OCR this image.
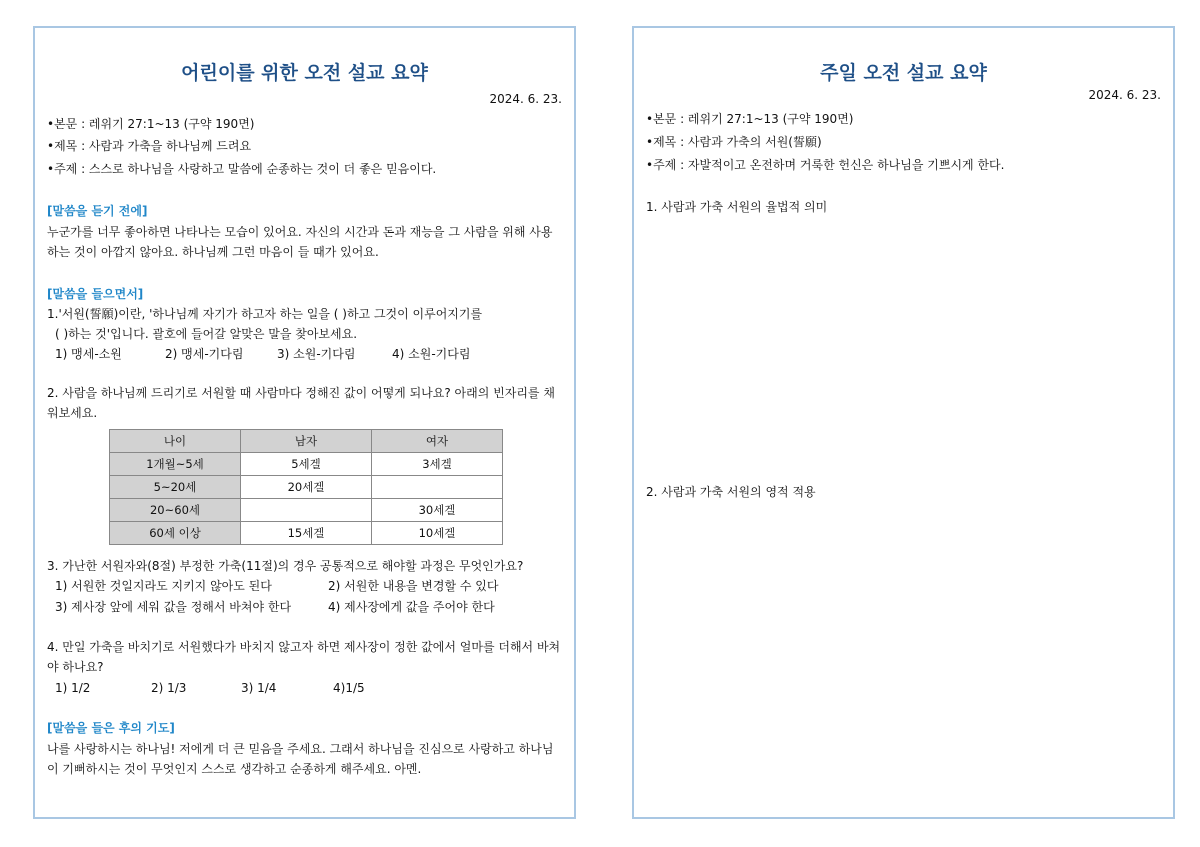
어린이를 위한 오전 설교 요약
2024. 6. 23.
•본문 : 레위기 27:1~13 (구약 190면)
•제목 : 사람과 가축을 하나님께 드려요
•주제 : 스스로 하나님을 사랑하고 말씀에 순종하는 것이 더 좋은 믿음이다.
[말씀을 듣기 전에]
누군가를 너무 좋아하면 나타나는 모습이 있어요. 자신의 시간과 돈과 재능을 그 사람을 위해 사용하는 것이 아깝지 않아요. 하나님께 그런 마음이 들 때가 있어요.
[말씀을 들으면서]
1.'서원(誓願)이란, '하나님께 자기가 하고자 하는 일을 ( )하고 그것이 이루어지기를
( )하는 것'입니다. 괄호에 들어갈 알맞은 말을 찾아보세요.
1) 맹세-소원	2) 맹세-기다림	3) 소원-기다림	4) 소원-기다림
2. 사람을 하나님께 드리기로 서원할 때 사람마다 정해진 값이 어떻게 되나요? 아래의 빈자리를 채워보세요.
나이	남자	여자
1개월~5세	5세겔	3세겔
5~20세	20세겔	
20~60세		30세겔
60세 이상	15세겔	10세겔
3. 가난한 서원자와(8절) 부정한 가축(11절)의 경우 공통적으로 해야할 과정은 무엇인가요?
1) 서원한 것일지라도 지키지 않아도 된다	2) 서원한 내용을 변경할 수 있다
3) 제사장 앞에 세워 값을 정해서 바쳐야 한다	4) 제사장에게 값을 주어야 한다
4. 만일 가축을 바치기로 서원했다가 바치지 않고자 하면 제사장이 정한 값에서 얼마를 더해서 바쳐야 하나요?
1) 1/2	2) 1/3	3) 1/4	4)1/5
[말씀을 들은 후의 기도]
나를 사랑하시는 하나님! 저에게 더 큰 믿음을 주세요. 그래서 하나님을 진심으로 사랑하고 하나님이 기뻐하시는 것이 무엇인지 스스로 생각하고 순종하게 해주세요. 아멘.
주일 오전 설교 요약
2024. 6. 23.
•본문 : 레위기 27:1~13 (구약 190면)
•제목 : 사람과 가축의 서원(誓願)
•주제 : 자발적이고 온전하며 거룩한 헌신은 하나님을 기쁘시게 한다.
1. 사람과 가축 서원의 율법적 의미
2. 사람과 가축 서원의 영적 적용
